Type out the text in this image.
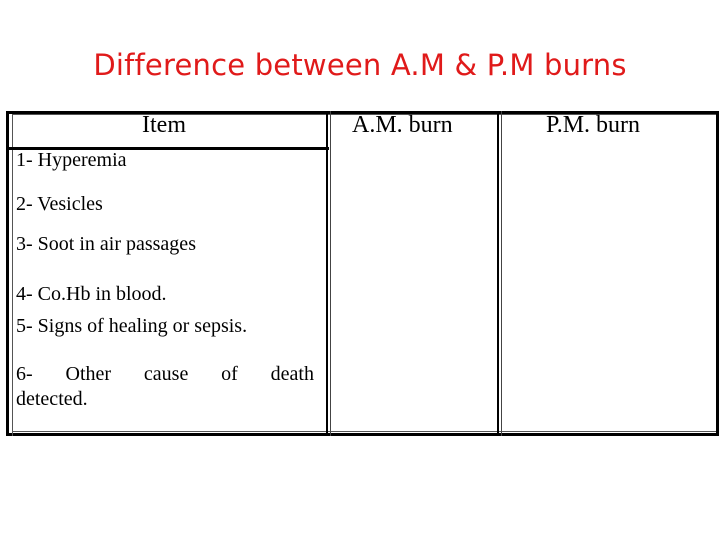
Difference between A.M & P.M burns
Item	A.M. burn	P.M. burn
1- Hyperemia
2- Vesicles
3- Soot in air passages
4- Co.Hb in blood.
5- Signs of healing or sepsis.
6- Other cause of death
detected.
